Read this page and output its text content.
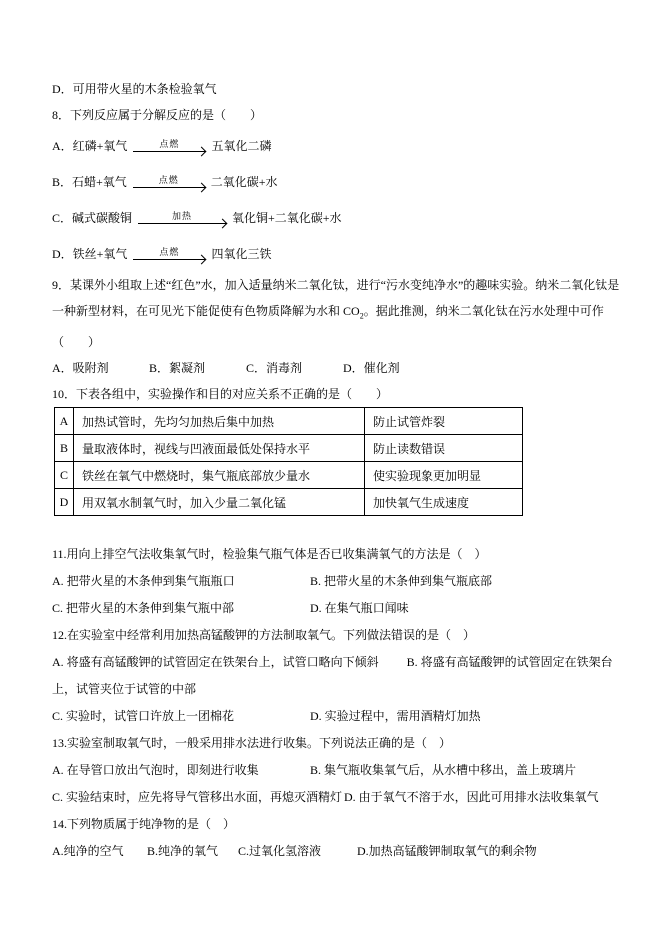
D．可用带火星的木条检验氧气
8．下列反应属于分解反应的是（　　）
A．红磷+氧气	点燃	五氧化二磷
B．石蜡+氧气	点燃	二氧化碳+水
C．碱式碳酸铜	加热	氧化铜+二氧化碳+水
D．铁丝+氧气	点燃	四氧化三铁
9．某课外小组取上述“红色”水，加入适量纳米二氧化钛，进行“污水变纯净水”的趣味实验。纳米二氧化钛是一种新型材料，在可见光下能促使有色物质降解为水和 $CO_2$。据此推测，纳米二氧化钛在污水处理中可作（　　）
A．吸附剂	B．絮凝剂	C．消毒剂	D．催化剂
10．下表各组中，实验操作和目的对应关系不正确的是（　　）
A	加热试管时，先均匀加热后集中加热	防止试管炸裂
B	量取液体时，视线与凹液面最低处保持水平	防止读数错误
C	铁丝在氧气中燃烧时，集气瓶底部放少量水	使实验现象更加明显
D	用双氧水制氧气时，加入少量二氧化锰	加快氧气生成速度
11.用向上排空气法收集氧气时，检验集气瓶气体是否已收集满氧气的方法是（　）
A. 把带火星的木条伸到集气瓶瓶口	B. 把带火星的木条伸到集气瓶底部
C. 把带火星的木条伸到集气瓶中部	D. 在集气瓶口闻味
12.在实验室中经常利用加热高锰酸钾的方法制取氧气。下列做法错误的是（　）
A. 将盛有高锰酸钾的试管固定在铁架台上，试管口略向下倾斜 B. 将盛有高锰酸钾的试管固定在铁架台上，试管夹位于试管的中部
C. 实验时，试管口许放上一团棉花	D. 实验过程中，需用酒精灯加热
13.实验室制取氧气时，一般采用排水法进行收集。下列说法正确的是（　）
A. 在导管口放出气泡时，即刻进行收集	B. 集气瓶收集氧气后，从水槽中移出，盖上玻璃片
C. 实验结束时，应先将导气管移出水面，再熄灭酒精灯 D. 由于氧气不溶于水，因此可用排水法收集氧气
14.下列物质属于纯净物的是（　）
A.纯净的空气 B.纯净的氧气 C.过氧化氢溶液	D.加热高锰酸钾制取氧气的剩余物
